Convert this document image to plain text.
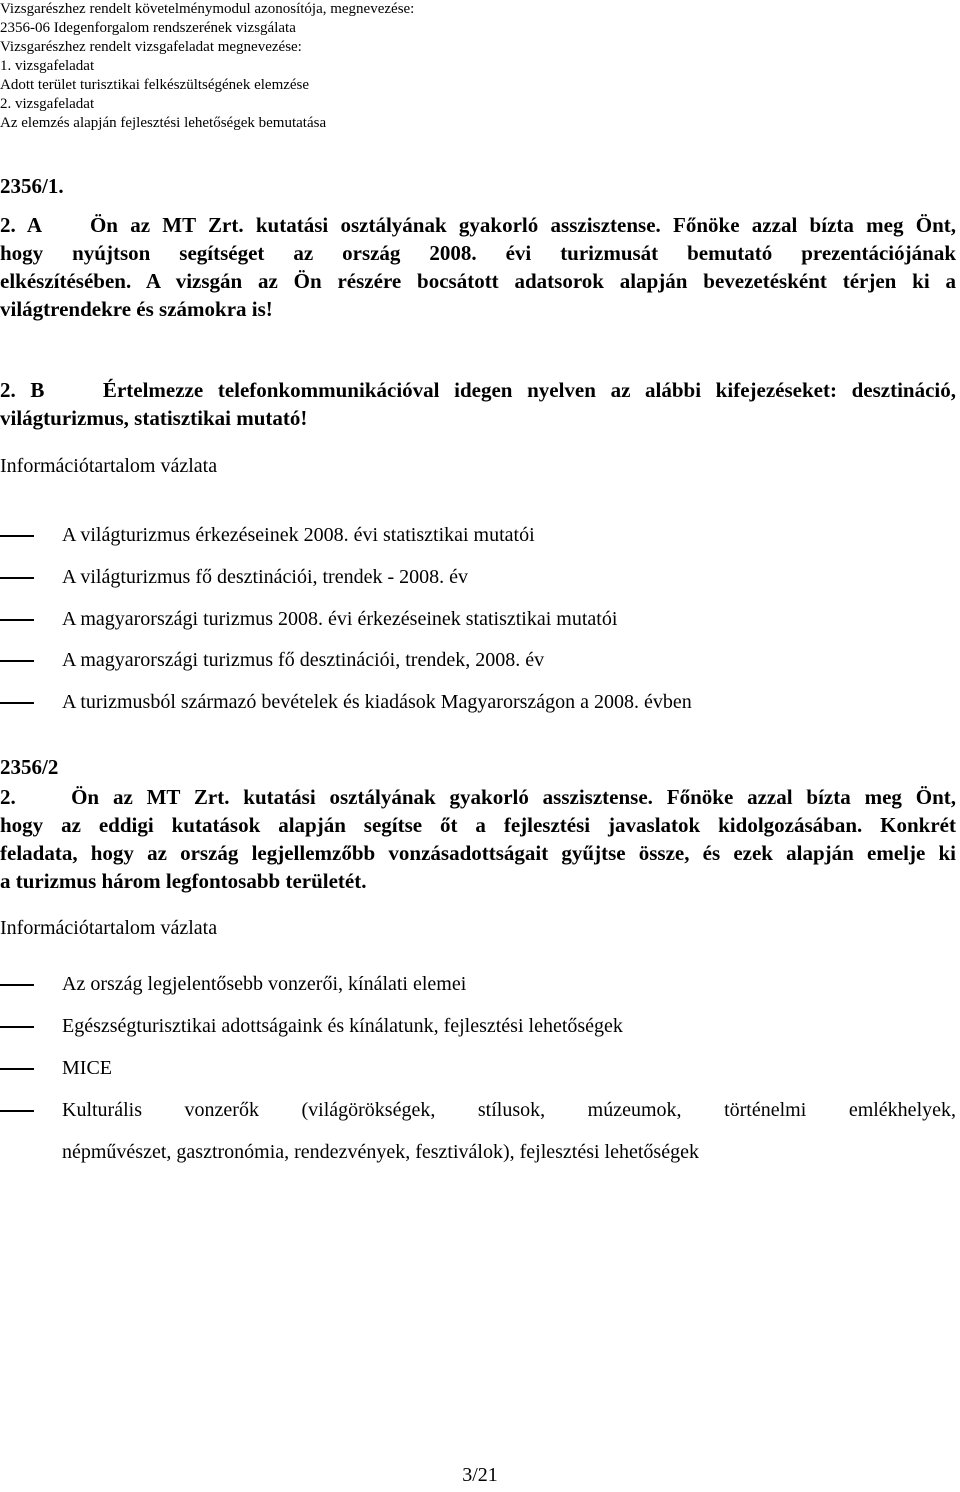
Vizsgarészhez rendelt követelménymodul azonosítója, megnevezése:
2356-06 Idegenforgalom rendszerének vizsgálata
Vizsgarészhez rendelt vizsgafeladat megnevezése:
1. vizsgafeladat
Adott terület turisztikai felkészültségének elemzése
2. vizsgafeladat
Az elemzés alapján fejlesztési lehetőségek bemutatása
2356/1.
2. A    Ön az MT Zrt. kutatási osztályának gyakorló asszisztense. Főnöke azzal bízta meg Önt,
hogy nyújtson segítséget az ország 2008. évi turizmusát bemutató prezentációjának
elkészítésében. A vizsgán az Ön részére bocsátott adatsorok alapján bevezetésként térjen ki a
világtrendekre és számokra is!
2. B    Értelmezze telefonkommunikációval idegen nyelven az alábbi kifejezéseket: desztináció,
világturizmus, statisztikai mutató!
Információtartalom vázlata
A világturizmus érkezéseinek 2008. évi statisztikai mutatói
A világturizmus fő desztinációi, trendek - 2008. év
A magyarországi turizmus 2008. évi érkezéseinek statisztikai mutatói
A magyarországi turizmus fő desztinációi, trendek, 2008. év
A turizmusból származó bevételek és kiadások Magyarországon a 2008. évben
2356/2
2.    Ön az MT Zrt. kutatási osztályának gyakorló asszisztense. Főnöke azzal bízta meg Önt,
hogy az eddigi kutatások alapján segítse őt a fejlesztési javaslatok kidolgozásában. Konkrét
feladata, hogy az ország legjellemzőbb vonzásadottságait gyűjtse össze, és ezek alapján emelje ki
a turizmus három legfontosabb területét.
Információtartalom vázlata
Az ország legjelentősebb vonzerői, kínálati elemei
Egészségturisztikai adottságaink és kínálatunk, fejlesztési lehetőségek
MICE
Kulturális vonzerők (világörökségek, stílusok, múzeumok, történelmi emlékhelyek,
népművészet, gasztronómia, rendezvények, fesztiválok), fejlesztési lehetőségek
3/21
